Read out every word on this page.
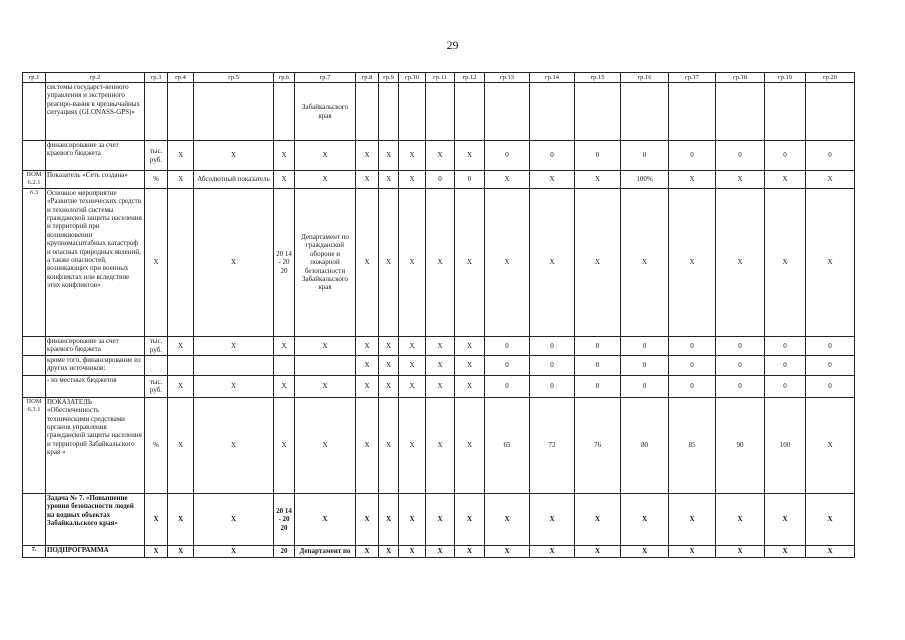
29
гр.1	гр.2	гр.3	гр.4	гр.5	гр.6	гр.7	гр.8	гр.9	гр.10	гр.11	гр.12	гр.13	гр.14	гр.15	гр.16	гр.17	гр.18	гр.19	гр.20
	системы государст-венного управления и экстренного реагиро-вания в чрезвычайных ситуациях (GLONASS-GPS)»					Забайкальского края													
	финансирование за счет краевого бюджета	тыс. руб.	X	X	X	X	X	X	X	X	X	0	0	0	0	0	0	0	0
ПОМ 6.2.1	Показатель «Сеть создана»	%	X	Абсолютный показатель	X	X	X	X	X	0	0	X	X	X	100%	X	X	X	X
6.3	Основное мероприятие «Развитие технических средств и технологий системы гражданской защиты населения и территорий при возникновении крупномасштабных катастроф и опасных природных явлений, а также опасностей, возникающих при военных конфликтах или вследствие этих конфликтов»	X		X	20 14 - 20 20	Департамент по гражданской обороне и пожарной безопасности Забайкальского края	X	X	X	X	X	X	X	X	X	X	X	X	X
	финансирование за счет краевого бюджета	тыс. руб.	X	X	X	X	X	X	X	X	X	0	0	0	0	0	0	0	0
	кроме того, финансирование из других источников:						X	X	X	X	X	0	0	0	0	0	0	0	0
	- из местных бюджетов	тыс. руб.	X	X	X	X	X	X	X	X	X	0	0	0	0	0	0	0	0
ПОМ 6.3.1	ПОКАЗАТЕЛЬ «Обеспеченность техническими средствами органов управления гражданской защиты населения и территорий Забайкальского края «	%	X	X	X	X	X	X	X	X	X	65	72	76	80	85	90	100	X
	Задача № 7. «Повышение уровня безопасности людей на водных объектах Забайкальского края»	X	X	X	20 14 - 20 20	X	X	X	X	X	X	X	X	X	X	X	X	X	X
7.	ПОДПРОГРАММА	X	X	X	20	Департамент по	X	X	X	X	X	X	X	X	X	X	X	X	X
